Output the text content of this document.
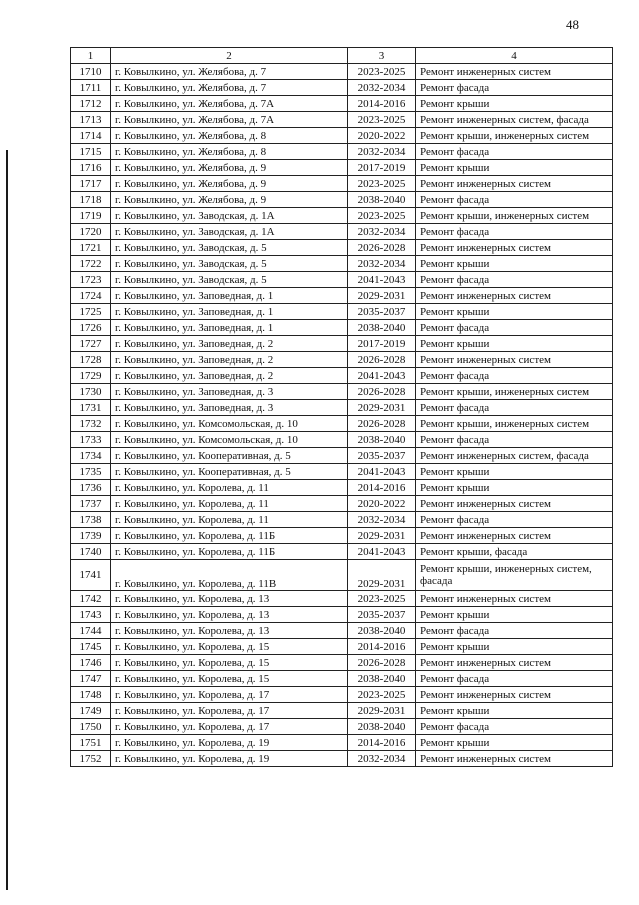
48
1	2	3	4
1710	г. Ковылкино, ул. Желябова, д. 7	2023-2025	Ремонт инженерных систем
1711	г. Ковылкино, ул. Желябова, д. 7	2032-2034	Ремонт фасада
1712	г. Ковылкино, ул. Желябова, д. 7А	2014-2016	Ремонт крыши
1713	г. Ковылкино, ул. Желябова, д. 7А	2023-2025	Ремонт инженерных систем, фасада
1714	г. Ковылкино, ул. Желябова, д. 8	2020-2022	Ремонт крыши, инженерных систем
1715	г. Ковылкино, ул. Желябова, д. 8	2032-2034	Ремонт фасада
1716	г. Ковылкино, ул. Желябова, д. 9	2017-2019	Ремонт крыши
1717	г. Ковылкино, ул. Желябова, д. 9	2023-2025	Ремонт инженерных систем
1718	г. Ковылкино, ул. Желябова, д. 9	2038-2040	Ремонт фасада
1719	г. Ковылкино, ул. Заводская, д. 1А	2023-2025	Ремонт крыши, инженерных систем
1720	г. Ковылкино, ул. Заводская, д. 1А	2032-2034	Ремонт фасада
1721	г. Ковылкино, ул. Заводская, д. 5	2026-2028	Ремонт инженерных систем
1722	г. Ковылкино, ул. Заводская, д. 5	2032-2034	Ремонт крыши
1723	г. Ковылкино, ул. Заводская, д. 5	2041-2043	Ремонт фасада
1724	г. Ковылкино, ул. Заповедная, д. 1	2029-2031	Ремонт инженерных систем
1725	г. Ковылкино, ул. Заповедная, д. 1	2035-2037	Ремонт крыши
1726	г. Ковылкино, ул. Заповедная, д. 1	2038-2040	Ремонт фасада
1727	г. Ковылкино, ул. Заповедная, д. 2	2017-2019	Ремонт крыши
1728	г. Ковылкино, ул. Заповедная, д. 2	2026-2028	Ремонт инженерных систем
1729	г. Ковылкино, ул. Заповедная, д. 2	2041-2043	Ремонт фасада
1730	г. Ковылкино, ул. Заповедная, д. 3	2026-2028	Ремонт крыши, инженерных систем
1731	г. Ковылкино, ул. Заповедная, д. 3	2029-2031	Ремонт фасада
1732	г. Ковылкино, ул. Комсомольская, д. 10	2026-2028	Ремонт крыши, инженерных систем
1733	г. Ковылкино, ул. Комсомольская, д. 10	2038-2040	Ремонт фасада
1734	г. Ковылкино, ул. Кооперативная, д. 5	2035-2037	Ремонт инженерных систем, фасада
1735	г. Ковылкино, ул. Кооперативная, д. 5	2041-2043	Ремонт крыши
1736	г. Ковылкино, ул. Королева, д. 11	2014-2016	Ремонт крыши
1737	г. Ковылкино, ул. Королева, д. 11	2020-2022	Ремонт инженерных систем
1738	г. Ковылкино, ул. Королева, д. 11	2032-2034	Ремонт фасада
1739	г. Ковылкино, ул. Королева, д. 11Б	2029-2031	Ремонт инженерных систем
1740	г. Ковылкино, ул. Королева, д. 11Б	2041-2043	Ремонт крыши, фасада
1741	г. Ковылкино, ул. Королева, д. 11В	2029-2031	Ремонт крыши, инженерных систем, фасада
1742	г. Ковылкино, ул. Королева, д. 13	2023-2025	Ремонт инженерных систем
1743	г. Ковылкино, ул. Королева, д. 13	2035-2037	Ремонт крыши
1744	г. Ковылкино, ул. Королева, д. 13	2038-2040	Ремонт фасада
1745	г. Ковылкино, ул. Королева, д. 15	2014-2016	Ремонт крыши
1746	г. Ковылкино, ул. Королева, д. 15	2026-2028	Ремонт инженерных систем
1747	г. Ковылкино, ул. Королева, д. 15	2038-2040	Ремонт фасада
1748	г. Ковылкино, ул. Королева, д. 17	2023-2025	Ремонт инженерных систем
1749	г. Ковылкино, ул. Королева, д. 17	2029-2031	Ремонт крыши
1750	г. Ковылкино, ул. Королева, д. 17	2038-2040	Ремонт фасада
1751	г. Ковылкино, ул. Королева, д. 19	2014-2016	Ремонт крыши
1752	г. Ковылкино, ул. Королева, д. 19	2032-2034	Ремонт инженерных систем
